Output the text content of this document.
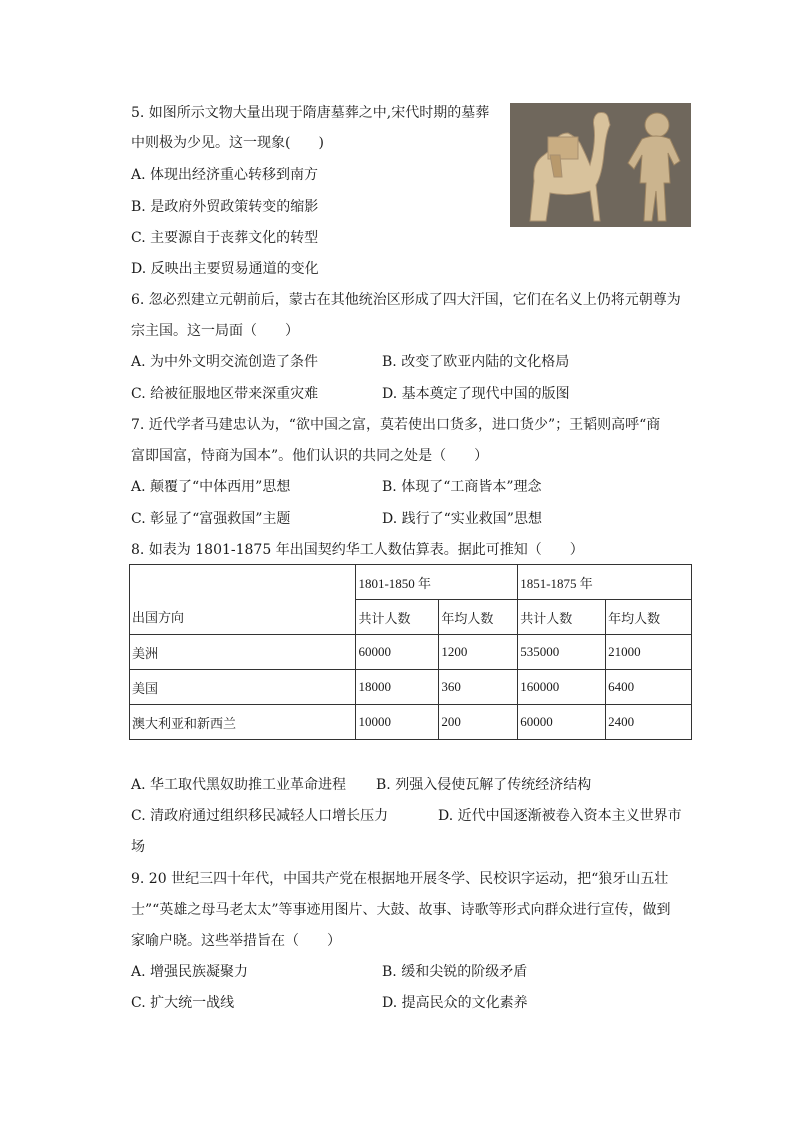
5. 如图所示文物大量出现于隋唐墓葬之中,宋代时期的墓葬
中则极为少见。这一现象(　　)
A. 体现出经济重心转移到南方
B. 是政府外贸政策转变的缩影
C. 主要源自于丧葬文化的转型
D. 反映出主要贸易通道的变化
6. 忽必烈建立元朝前后，蒙古在其他统治区形成了四大汗国，它们在名义上仍将元朝尊为
宗主国。这一局面（　　）
A. 为中外文明交流创造了条件	B. 改变了欧亚内陆的文化格局
C. 给被征服地区带来深重灾难	D. 基本奠定了现代中国的版图
7. 近代学者马建忠认为，“欲中国之富，莫若使出口货多，进口货少”；王韬则高呼“商
富即国富，恃商为国本”。他们认识的共同之处是（　　）
A. 颠覆了“中体西用”思想	B. 体现了“工商皆本”理念
C. 彰显了“富强救国”主题	D. 践行了“实业救国”思想
8. 如表为 1801-1875 年出国契约华工人数估算表。据此可推知（　　）
出国方向	1801-1850 年		1851-1875 年	
	共计人数	年均人数	共计人数	年均人数
美洲	60000	1200	535000	21000
美国	18000	360	160000	6400
澳大利亚和新西兰	10000	200	60000	2400
A. 华工取代黑奴助推工业革命进程 B. 列强入侵使瓦解了传统经济结构
C. 清政府通过组织移民减轻人口增长压力	D. 近代中国逐渐被卷入资本主义世界市
场
9. 20 世纪三四十年代，中国共产党在根据地开展冬学、民校识字运动，把“狼牙山五壮
士”“英雄之母马老太太”等事迹用图片、大鼓、故事、诗歌等形式向群众进行宣传，做到
家喻户晓。这些举措旨在（　　）
A. 增强民族凝聚力	B. 缓和尖锐的阶级矛盾
C. 扩大统一战线	D. 提高民众的文化素养
